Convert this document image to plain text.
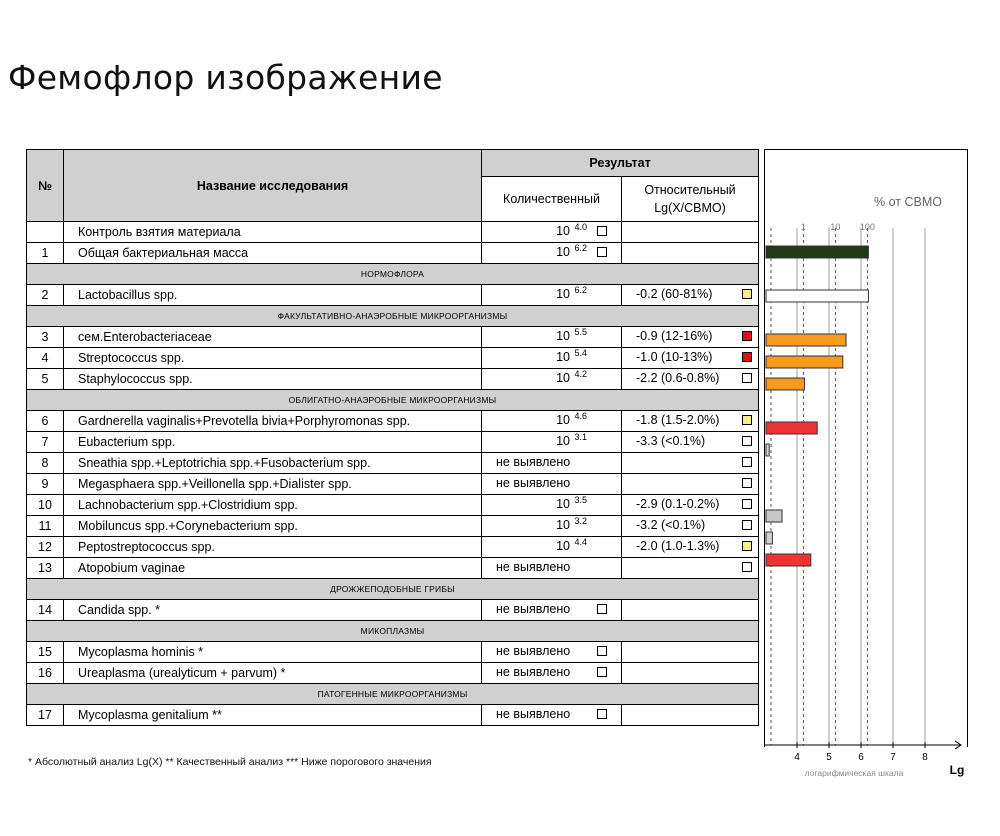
Фемофлор изображение
№	Название исследования	Результат	
		Количественный	Относительный Lg(X/CBMO)
	Контроль взятия материала	10 $^{4.0}$

1	Общая бактериальная масса	10 $^{6.2}$

НОРМОФЛОРА			
2	Lactobacillus spp.	10 $^{6.2}$	-0.2 (60-81%)

ФАКУЛЬТАТИВНО-АНАЭРОБНЫЕ МИКРООРГАНИЗМЫ			
3	сем.Enterobacteriaceae	10 $^{5.5}$	-0.9 (12-16%)

4	Streptococcus spp.	10 $^{5.4}$	-1.0 (10-13%)

5	Staphylococcus spp.	10 $^{4.2}$	-2.2 (0.6-0.8%)

ОБЛИГАТНО-АНАЭРОБНЫЕ МИКРООРГАНИЗМЫ			
6	Gardnerella vaginalis+Prevotella bivia+Porphyromonas spp.	10 $^{4.6}$	-1.8 (1.5-2.0%)

7	Eubacterium spp.	10 $^{3.1}$	-3.3 (<0.1%)

8	Sneathia spp.+Leptotrichia spp.+Fusobacterium spp.	не выявлено	

9	Megasphaera spp.+Veillonella spp.+Dialister spp.	не выявлено	

10	Lachnobacterium spp.+Clostridium spp.	10 $^{3.5}$	-2.9 (0.1-0.2%)

11	Mobiluncus spp.+Corynebacterium spp.	10 $^{3.2}$	-3.2 (<0.1%)

12	Peptostreptococcus spp.	10 $^{4.4}$	-2.0 (1.0-1.3%)

13	Atopobium vaginae	не выявлено	

ДРОЖЖЕПОДОБНЫЕ ГРИБЫ			
14	Candida spp. *	не выявлено	

МИКОПЛАЗМЫ			
15	Mycoplasma hominis *	не выявлено	

16	Ureaplasma (urealyticum + parvum) *	не выявлено	

ПАТОГЕННЫЕ МИКРООРГАНИЗМЫ			
17	Mycoplasma genitalium **	не выявлено	

4	5	6	7	8
логарифмическая шкала	Lg
% от СВМО
1	10 100
* Абсолютный анализ Lg(X) ** Качественный анализ *** Ниже порогового значения
